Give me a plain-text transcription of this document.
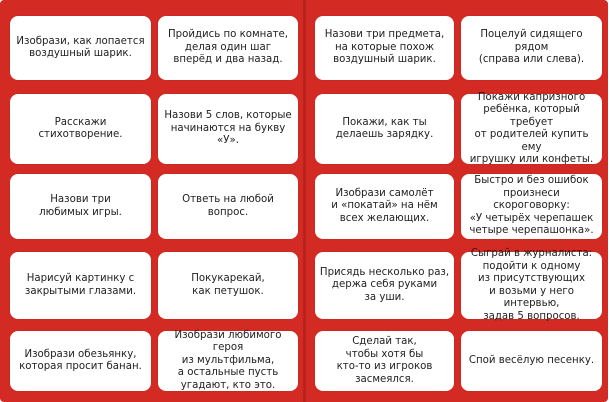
Изобрази, как лопается
воздушный шарик.
Пройдись по комнате,
делая один шаг
вперёд и два назад.
Назови три предмета,
на которые похож
воздушный шарик.
Поцелуй сидящего рядом
(справа или слева).
Расскажи
стихотворение.
Назови 5 слов, которые
начинаются на букву «У».
Покажи, как ты
делаешь зарядку.
Покажи капризного
ребёнка, который требует
от родителей купить ему
игрушку или конфеты.
Назови три
любимых игры.
Ответь на любой вопрос.
Изобрази самолёт
и «покатай» на нём
всех желающих.
Быстро и без ошибок
произнеси скороговорку:
«У четырёх черепашек
четыре черепашонка».
Нарисуй картинку с
закрытыми глазами.
Покукарекай,
как петушок.
Присядь несколько раз,
держа себя руками
за уши.
Сыграй в журналиста:
подойти к одному
из присутствующих
и возьми у него интервью,
задав 5 вопросов.
Изобрази обезьянку,
которая просит банан.
Изобрази любимого героя
из мультфильма,
а остальные пусть
угадают, кто это.
Сделай так,
чтобы хотя бы
кто-то из игроков
засмеялся.
Спой весёлую песенку.
